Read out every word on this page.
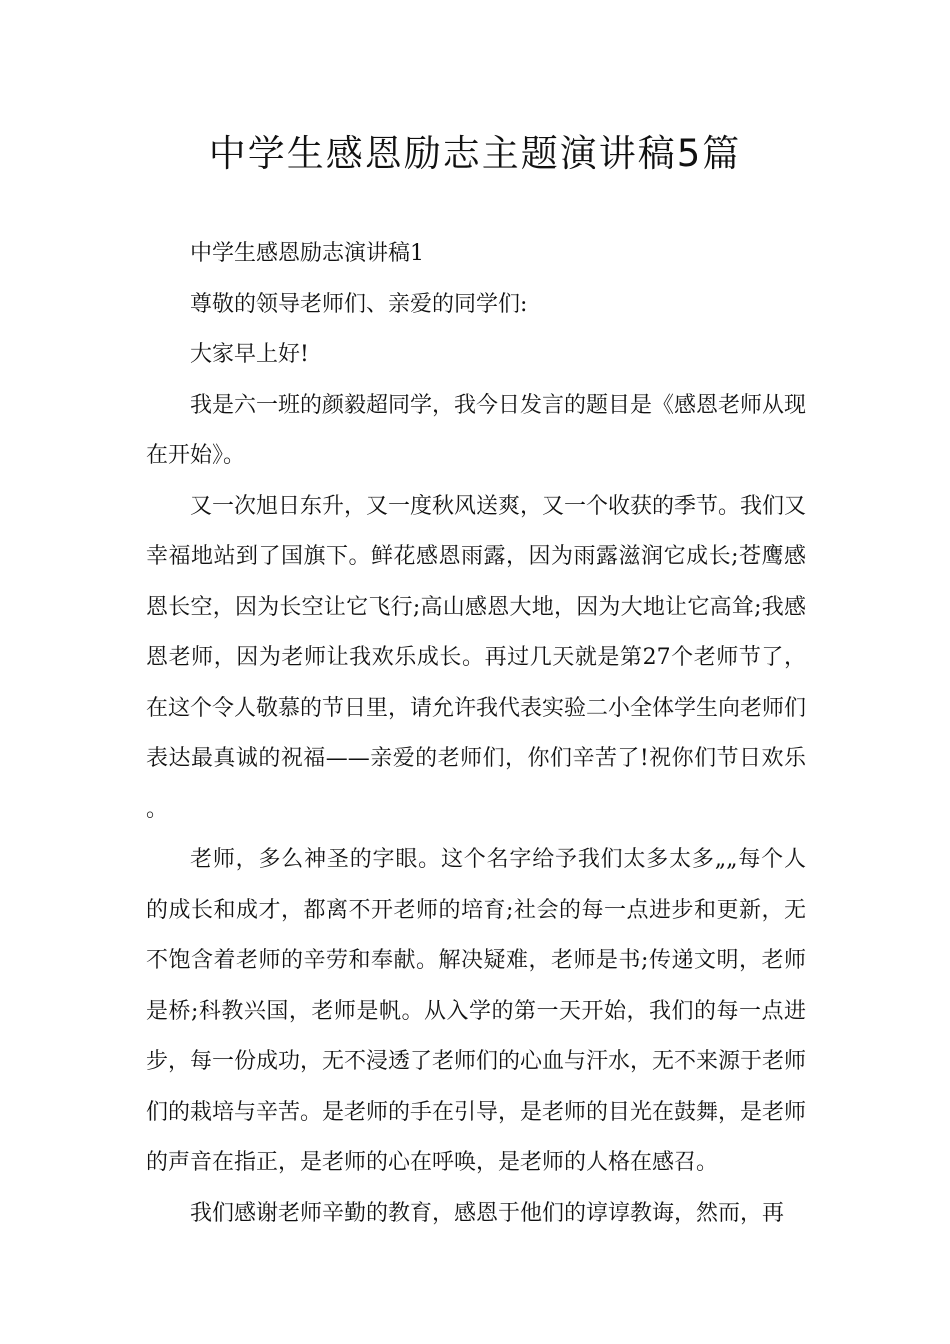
中学生感恩励志主题演讲稿5篇

中学生感恩励志演讲稿1

尊敬的领导老师们、亲爱的同学们:

大家早上好!

我是六一班的颜毅超同学，我今日发言的题目是《感恩老师从现在开始》。

又一次旭日东升，又一度秋风送爽，又一个收获的季节。我们又幸福地站到了国旗下。鲜花感恩雨露，因为雨露滋润它成长;苍鹰感恩长空，因为长空让它飞行;高山感恩大地，因为大地让它高耸;我感恩老师，因为老师让我欢乐成长。再过几天就是第27个老师节了，在这个令人敬慕的节日里，请允许我代表实验二小全体学生向老师们表达最真诚的祝福——亲爱的老师们，你们辛苦了!祝你们节日欢乐 。

老师，多么神圣的字眼。这个名字给予我们太多太多„„每个人的成长和成才，都离不开老师的培育;社会的每一点进步和更新，无不饱含着老师的辛劳和奉献。解决疑难，老师是书;传递文明，老师是桥;科教兴国，老师是帆。从入学的第一天开始，我们的每一点进步，每一份成功，无不浸透了老师们的心血与汗水，无不来源于老师们的栽培与辛苦。是老师的手在引导，是老师的目光在鼓舞，是老师的声音在指正，是老师的心在呼唤，是老师的人格在感召。

我们感谢老师辛勤的教育，感恩于他们的谆谆教诲，然而，再
